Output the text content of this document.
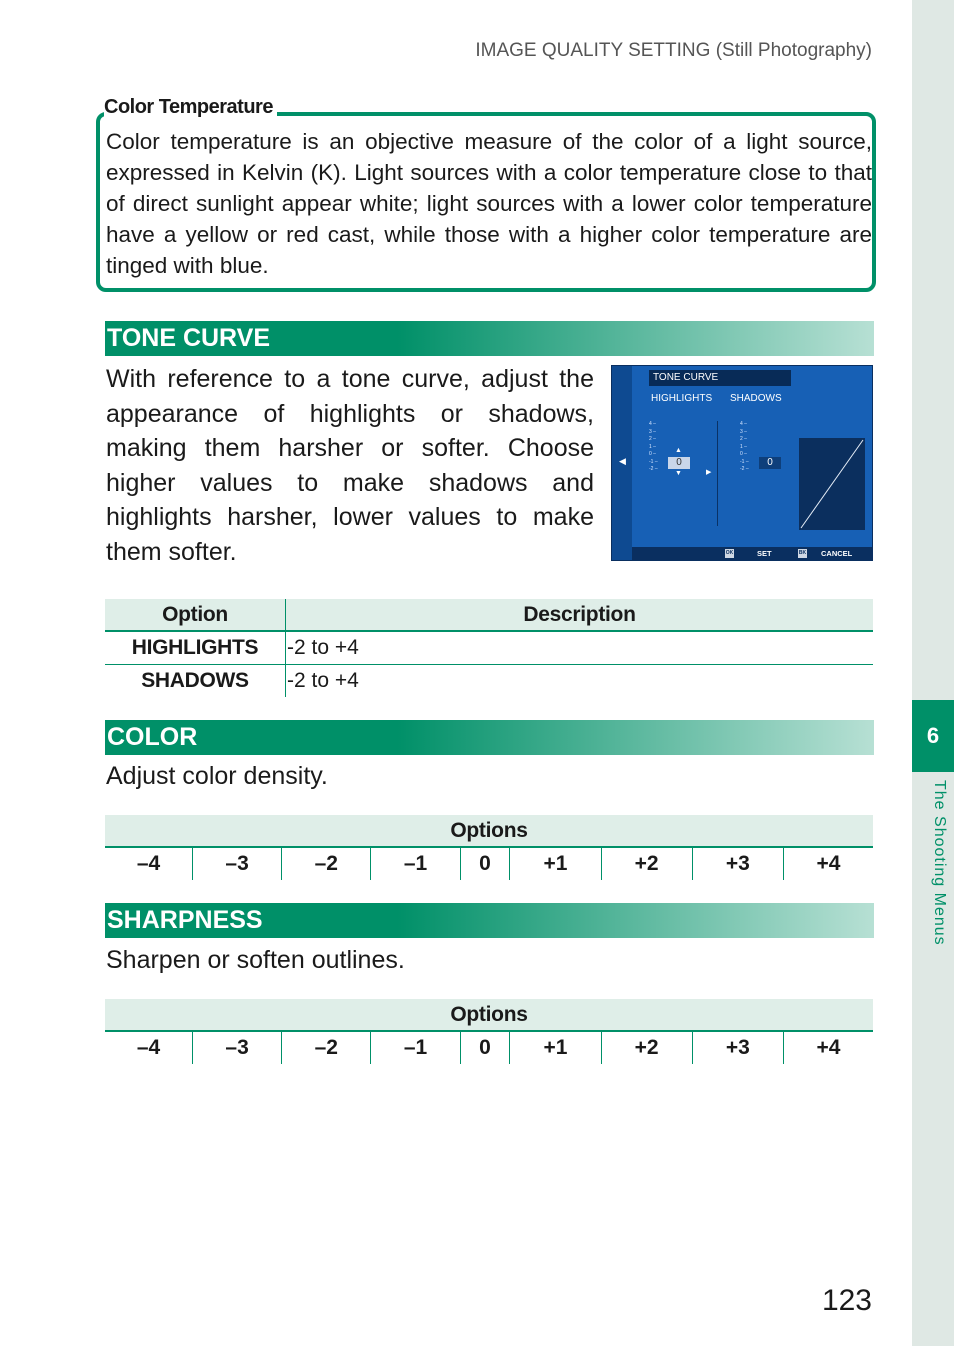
IMAGE QUALITY SETTING (Still Photography)
6
The Shooting Menus
Color Temperature
Color temperature is an objective measure of the color of a light source, expressed in Kelvin (K). Light sources with a color temperature close to that of direct sunlight appear white; light sources with a lower color temperature have a yellow or red cast, while those with a higher color temperature are tinged with blue.
TONE CURVE
With reference to a tone curve, adjust the appearance of highlights or shadows, making them harsher or softer. Choose higher values to make shadows and highlights harsher, lower values to make them softer.
◀
TONE CURVE
HIGHLIGHTS SHADOWS
4 –
3 –
2 –
1 –
0 –
-1 –
-2 –
4 –
3 –
2 –
1 –
0 –
-1 –
-2 –
▲
0
▼	▶
0
OK	SET	BK CANCEL
Option	Description
HIGHLIGHTS	-2 to +4
SHADOWS	-2 to +4
COLOR
Adjust color density.
Options
–4	–3	–2	–1	0	+1	+2	+3	+4
SHARPNESS
Sharpen or soften outlines.
Options
–4	–3	–2	–1	0	+1	+2	+3	+4
123
